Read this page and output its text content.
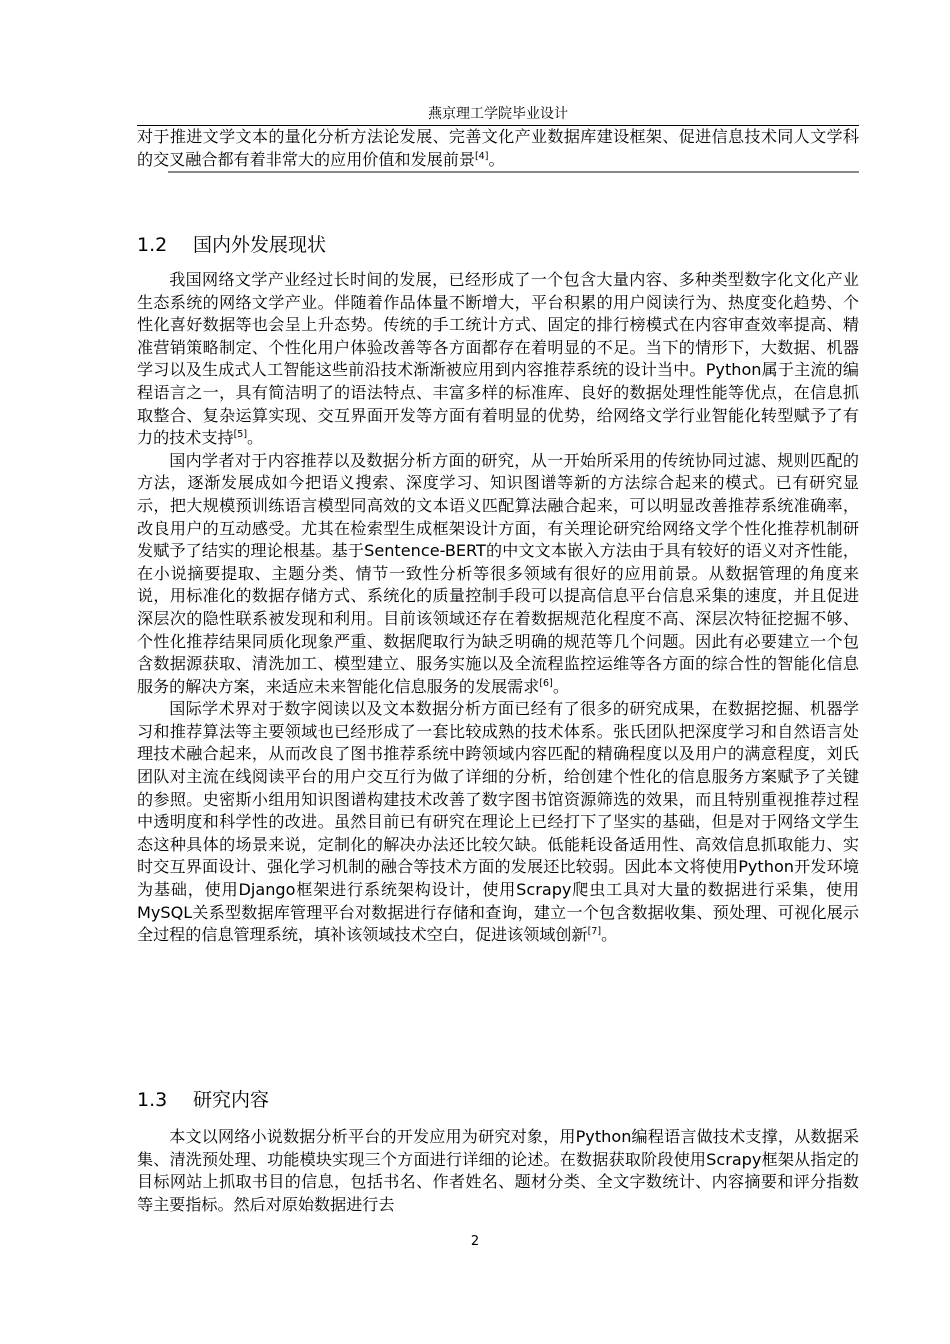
燕京理工学院毕业设计

对于推进文学文本的量化分析方法论发展、完善文化产业数据库建设框架、促进信息技术同人文学科的交叉融合都有着非常大的应用价值和发展前景[4]。

1.2 国内外发展现状

我国网络文学产业经过长时间的发展，已经形成了一个包含大量内容、多种类型数字化文化产业生态系统的网络文学产业。伴随着作品体量不断增大，平台积累的用户阅读行为、热度变化趋势、个性化喜好数据等也会呈上升态势。传统的手工统计方式、固定的排行榜模式在内容审查效率提高、精准营销策略制定、个性化用户体验改善等各方面都存在着明显的不足。当下的情形下，大数据、机器学习以及生成式人工智能这些前沿技术渐渐被应用到内容推荐系统的设计当中。Python属于主流的编程语言之一，具有简洁明了的语法特点、丰富多样的标准库、良好的数据处理性能等优点，在信息抓取整合、复杂运算实现、交互界面开发等方面有着明显的优势，给网络文学行业智能化转型赋予了有力的技术支持[5]。

国内学者对于内容推荐以及数据分析方面的研究，从一开始所采用的传统协同过滤、规则匹配的方法，逐渐发展成如今把语义搜索、深度学习、知识图谱等新的方法综合起来的模式。已有研究显示，把大规模预训练语言模型同高效的文本语义匹配算法融合起来，可以明显改善推荐系统准确率，改良用户的互动感受。尤其在检索型生成框架设计方面，有关理论研究给网络文学个性化推荐机制研发赋予了结实的理论根基。基于Sentence-BERT的中文文本嵌入方法由于具有较好的语义对齐性能，在小说摘要提取、主题分类、情节一致性分析等很多领域有很好的应用前景。从数据管理的角度来说，用标准化的数据存储方式、系统化的质量控制手段可以提高信息平台信息采集的速度，并且促进深层次的隐性联系被发现和利用。目前该领域还存在着数据规范化程度不高、深层次特征挖掘不够、个性化推荐结果同质化现象严重、数据爬取行为缺乏明确的规范等几个问题。因此有必要建立一个包含数据源获取、清洗加工、模型建立、服务实施以及全流程监控运维等各方面的综合性的智能化信息服务的解决方案，来适应未来智能化信息服务的发展需求[6]。

国际学术界对于数字阅读以及文本数据分析方面已经有了很多的研究成果，在数据挖掘、机器学习和推荐算法等主要领域也已经形成了一套比较成熟的技术体系。张氏团队把深度学习和自然语言处理技术融合起来，从而改良了图书推荐系统中跨领域内容匹配的精确程度以及用户的满意程度，刘氏团队对主流在线阅读平台的用户交互行为做了详细的分析，给创建个性化的信息服务方案赋予了关键的参照。史密斯小组用知识图谱构建技术改善了数字图书馆资源筛选的效果，而且特别重视推荐过程中透明度和科学性的改进。虽然目前已有研究在理论上已经打下了坚实的基础，但是对于网络文学生态这种具体的场景来说，定制化的解决办法还比较欠缺。低能耗设备适用性、高效信息抓取能力、实时交互界面设计、强化学习机制的融合等技术方面的发展还比较弱。因此本文将使用Python开发环境为基础，使用Django框架进行系统架构设计，使用Scrapy爬虫工具对大量的数据进行采集，使用MySQL关系型数据库管理平台对数据进行存储和查询，建立一个包含数据收集、预处理、可视化展示全过程的信息管理系统，填补该领域技术空白，促进该领域创新[7]。

1.3 研究内容

本文以网络小说数据分析平台的开发应用为研究对象，用Python编程语言做技术支撑，从数据采集、清洗预处理、功能模块实现三个方面进行详细的论述。在数据获取阶段使用Scrapy框架从指定的目标网站上抓取书目的信息，包括书名、作者姓名、题材分类、全文字数统计、内容摘要和评分指数等主要指标。然后对原始数据进行去

2
